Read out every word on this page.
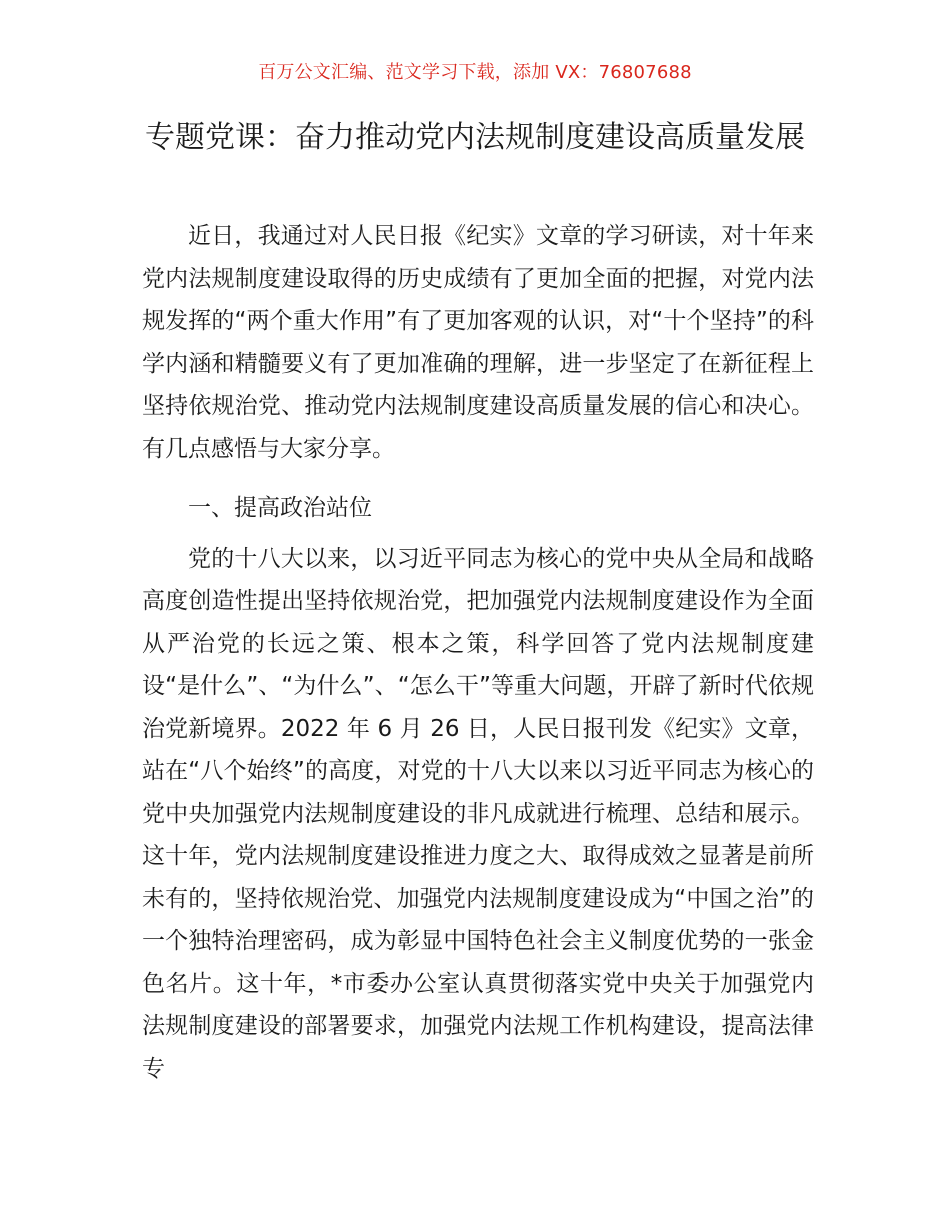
百万公文汇编、范文学习下载，添加 VX：76807688
专题党课：奋力推动党内法规制度建设高质量发展

近日，我通过对人民日报《纪实》文章的学习研读，对十年来党内法规制度建设取得的历史成绩有了更加全面的把握，对党内法规发挥的“两个重大作用”有了更加客观的认识，对“十个坚持”的科学内涵和精髓要义有了更加准确的理解，进一步坚定了在新征程上坚持依规治党、推动党内法规制度建设高质量发展的信心和决心。有几点感悟与大家分享。

一、提高政治站位

党的十八大以来，以习近平同志为核心的党中央从全局和战略高度创造性提出坚持依规治党，把加强党内法规制度建设作为全面从严治党的长远之策、根本之策，科学回答了党内法规制度建设“是什么”、“为什么”、“怎么干”等重大问题，开辟了新时代依规治党新境界。2022 年 6 月 26 日，人民日报刊发《纪实》文章，站在“八个始终”的高度，对党的十八大以来以习近平同志为核心的党中央加强党内法规制度建设的非凡成就进行梳理、总结和展示。这十年，党内法规制度建设推进力度之大、取得成效之显著是前所未有的，坚持依规治党、加强党内法规制度建设成为“中国之治”的一个独特治理密码，成为彰显中国特色社会主义制度优势的一张金色名片。这十年，*市委办公室认真贯彻落实党中央关于加强党内法规制度建设的部署要求，加强党内法规工作机构建设，提高法律专
